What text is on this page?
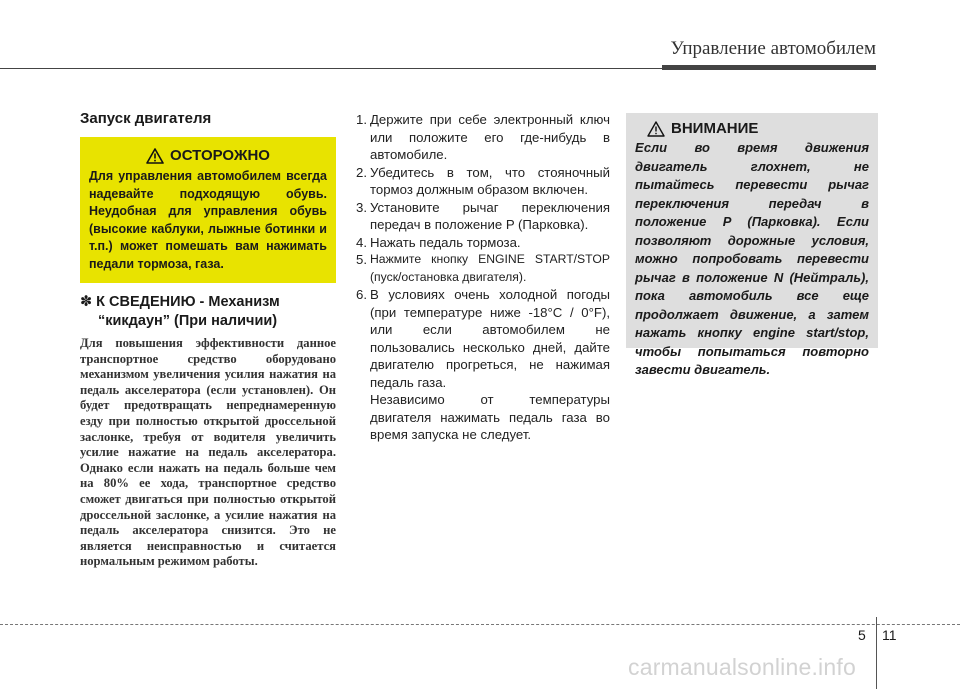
Управление автомобилем
Запуск двигателя
ОСТОРОЖНО
Для управления автомобилем всегда надевайте подходящую обувь. Неудобная для управления обувь (высокие каблуки, лыжные ботинки и т.п.) может помешать вам нажимать педали тормоза, газа.
✽ К СВЕДЕНИЮ - Механизм
“кикдаун” (При наличии)
Для повышения эффективности данное транспортное средство оборудовано механизмом увеличения усилия нажатия на педаль акселератора (если установлен). Он будет предотвращать непреднамеренную езду при полностью открытой дроссельной заслонке, требуя от водителя увеличить усилие нажатие на педаль акселератора. Однако если нажать на педаль больше чем на 80% ее хода, транспортное средство сможет двигаться при полностью открытой дроссельной заслонке, а усилие нажатия на педаль акселератора снизится. Это не является неисправностью и считается нормальным режимом работы.
1. Держите при себе электронный ключ или положите его где-нибудь в автомобиле.
2. Убедитесь в том, что стояночный тормоз должным образом включен.
3. Установите рычаг переключения передач в положение P (Парковка).
4. Нажать педаль тормоза.
5. Нажмите кнопку ENGINE START/STOP (пуск/остановка двигателя).
6. В условиях очень холодной погоды (при температуре ниже -18°C / 0°F), или если автомобилем не пользовались несколько дней, дайте двигателю прогреться, не нажимая педаль газа.
Независимо от температуры двигателя нажимать педаль газа во время запуска не следует.
ВНИМАНИЕ
Если во время движения двигатель глохнет, не пытайтесь перевести рычаг переключения передач в положение P (Парковка). Если позволяют дорожные условия, можно попробовать перевести рычаг в положение N (Нейтраль), пока автомобиль все еще продолжает движение, а затем нажать кнопку engine start/stop, чтобы попытаться повторно завести двигатель.
5 11
carmanualsonline.info
